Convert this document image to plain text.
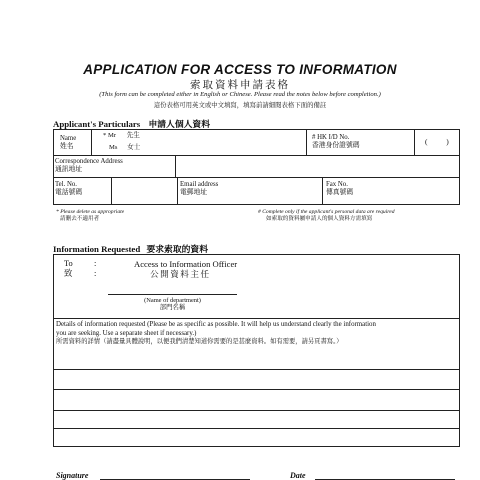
APPLICATION FOR ACCESS TO INFORMATION
索取資料申請表格
(This form can be completed either in English or Chinese. Please read the notes below before completion.)
這份表格可用英文或中文填寫，填寫前請細閱表格下面的備註
Applicant's Particulars 申請人個人資料
Name
姓名
* Mr 先生
Ms 女士
# HK I/D No.
香港身份證號碼	(          )
Correspondence Address
通訊地址
Tel. No.
電話號碼
Email address
電郵地址
Fax No.
傳真號碼
* Please delete as appropriate
請刪去不適用者
# Complete only if the applicant's personal data are required
如索取的資料屬申請人的個人資料方需填寫
Information Requested 要求索取的資料
To
致
:
:
Access to Information Officer
公開資料主任
(Name of department)
部門名稱
Details of information requested (Please be as specific as possible. It will help us understand clearly the information
you are seeking. Use a separate sheet if necessary.)
所需資料的詳情（請盡量具體說明，以便我們清楚知道你需要的是甚麼資料。如有需要，請另頁書寫。）
Signature	Date
